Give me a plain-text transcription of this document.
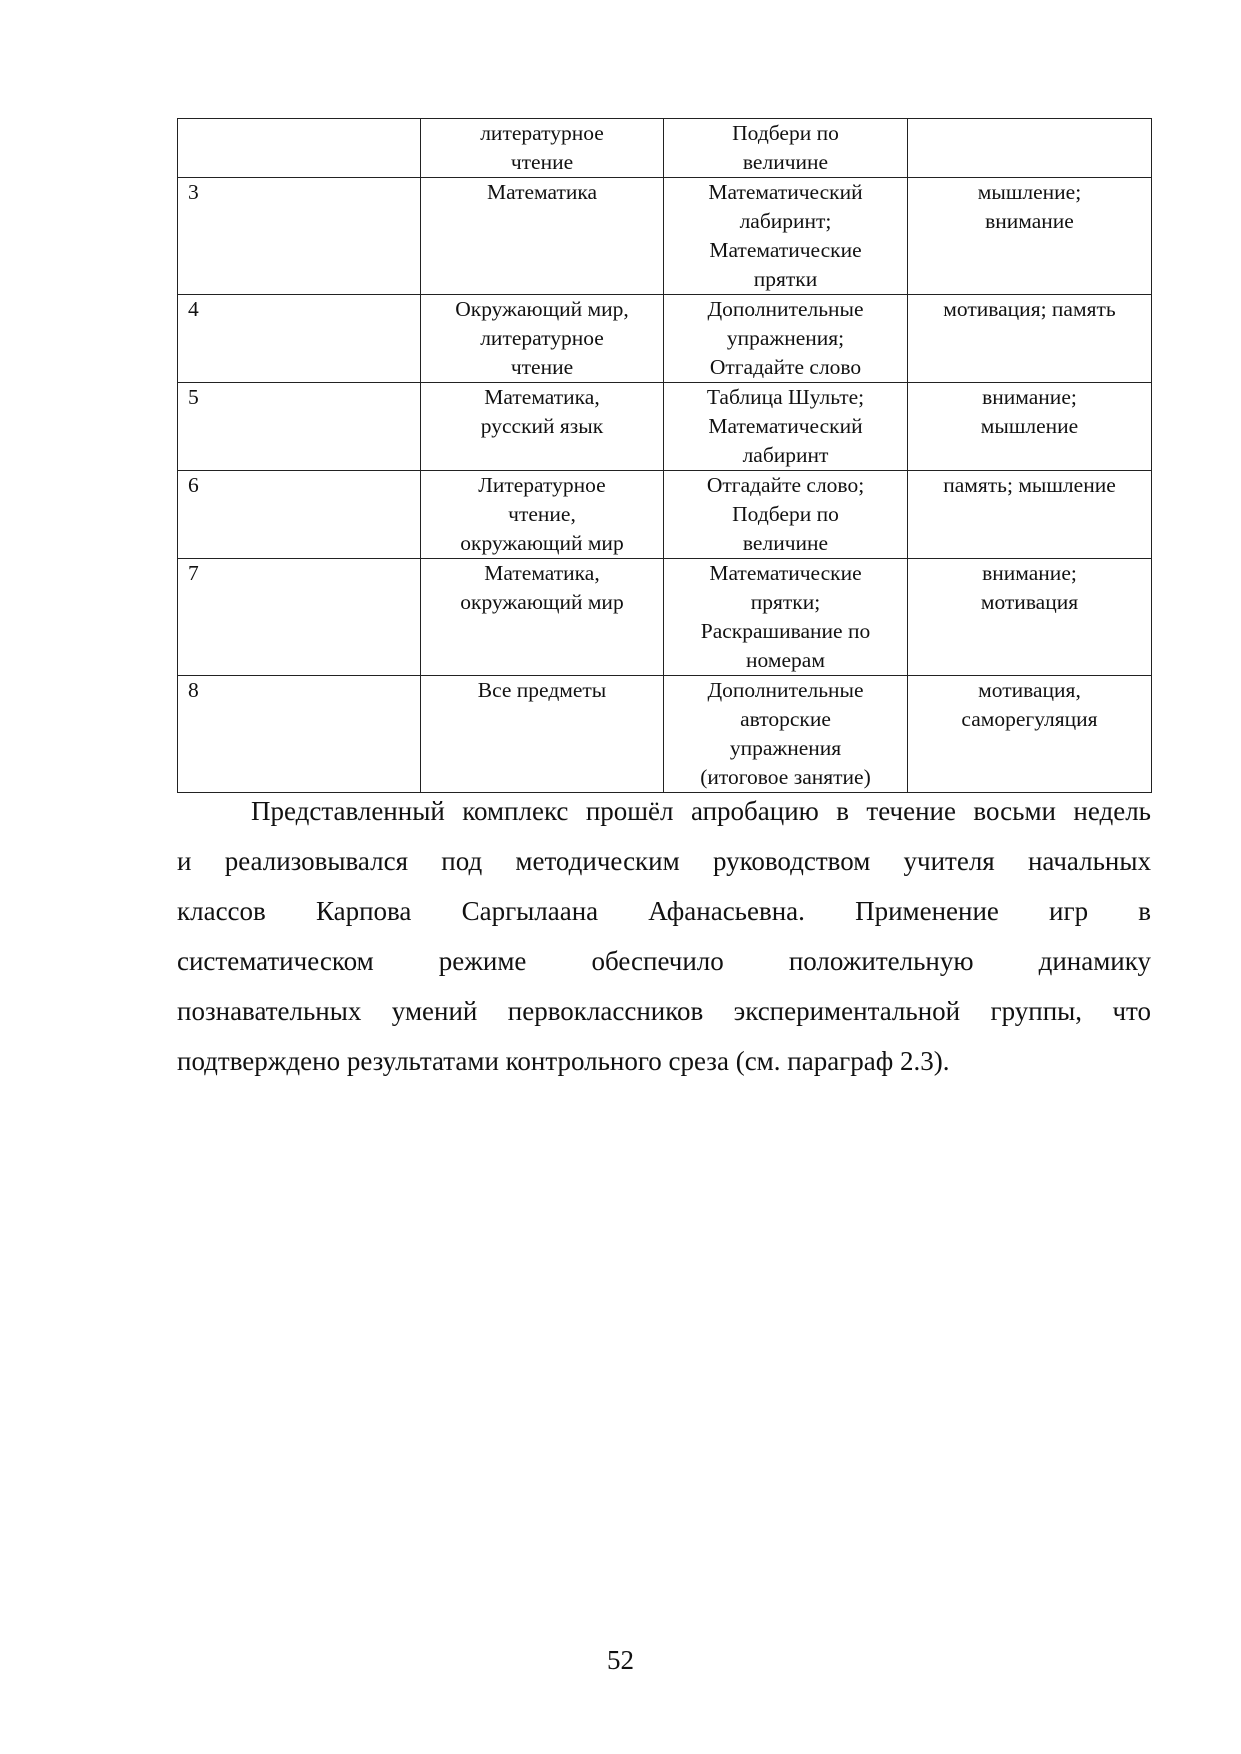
	литературное
чтение	Подбери по
величине	

3	Математика	Математический
лабиринт;
Математические
прятки	мышление;
внимание

4	Окружающий мир,
литературное
чтение	Дополнительные
упражнения;
Отгадайте слово	мотивация; память

5	Математика,
русский язык	Таблица Шульте;
Математический
лабиринт	внимание;
мышление

6	Литературное
чтение,
окружающий мир	Отгадайте слово;
Подбери по
величине	память; мышление

7	Математика,
окружающий мир	Математические
прятки;
Раскрашивание по
номерам	внимание;
мотивация

8	Все предметы	Дополнительные
авторские
упражнения
(итоговое занятие)	мотивация,
саморегуляция

Представленный комплекс прошёл апробацию в течение восьми недель
и реализовывался под методическим руководством учителя начальных
классов Карпова Саргылаана Афанасьевна. Применение игр в
систематическом режиме обеспечило положительную динамику
познавательных умений первоклассников экспериментальной группы, что
подтверждено результатами контрольного среза (см. параграф 2.3).

52
